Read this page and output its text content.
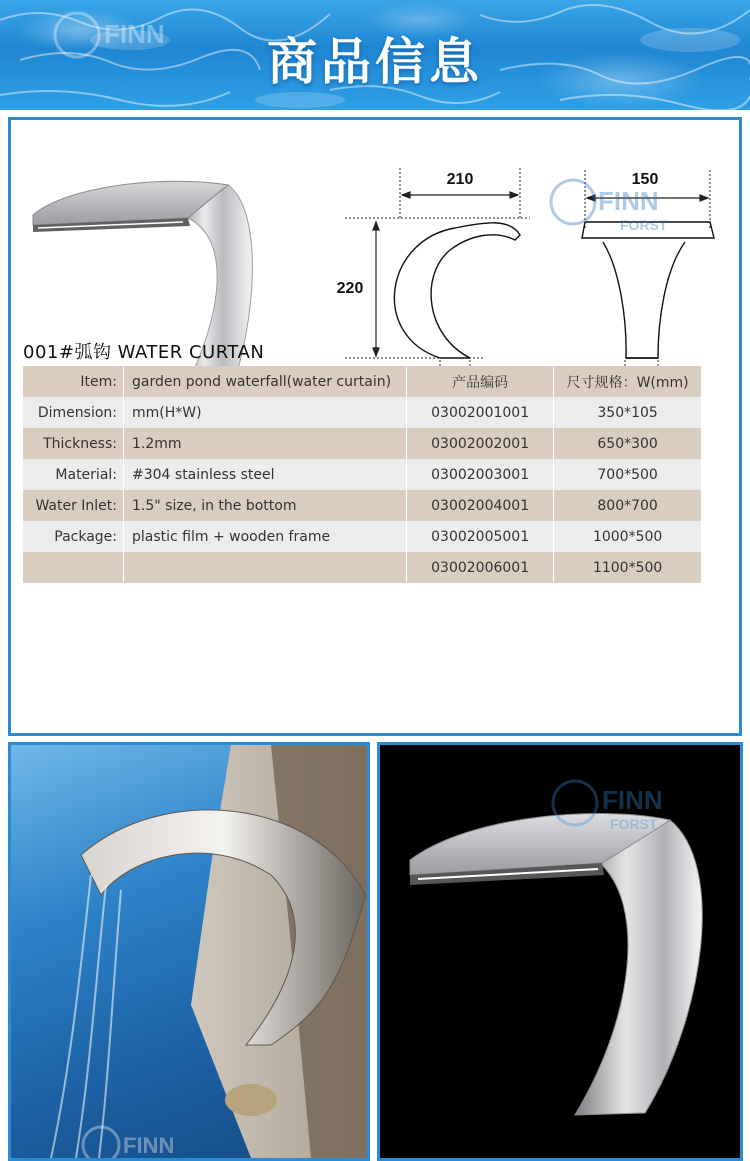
FINN	商品信息
210
220
150
FINN
FORST
001#弧钩 WATER CURTAN
Item:	garden pond waterfall(water curtain)	产品编码	尺寸规格：W(mm)
Dimension:	mm(H*W)	03002001001	350*105
Thickness:	1.2mm	03002002001	650*300
Material:	#304 stainless steel	03002003001	700*500
Water Inlet:	1.5" size, in the bottom	03002004001	800*700
Package:	plastic film + wooden frame	03002005001	1000*500
		03002006001	1100*500
FINN
FINN
FORST
